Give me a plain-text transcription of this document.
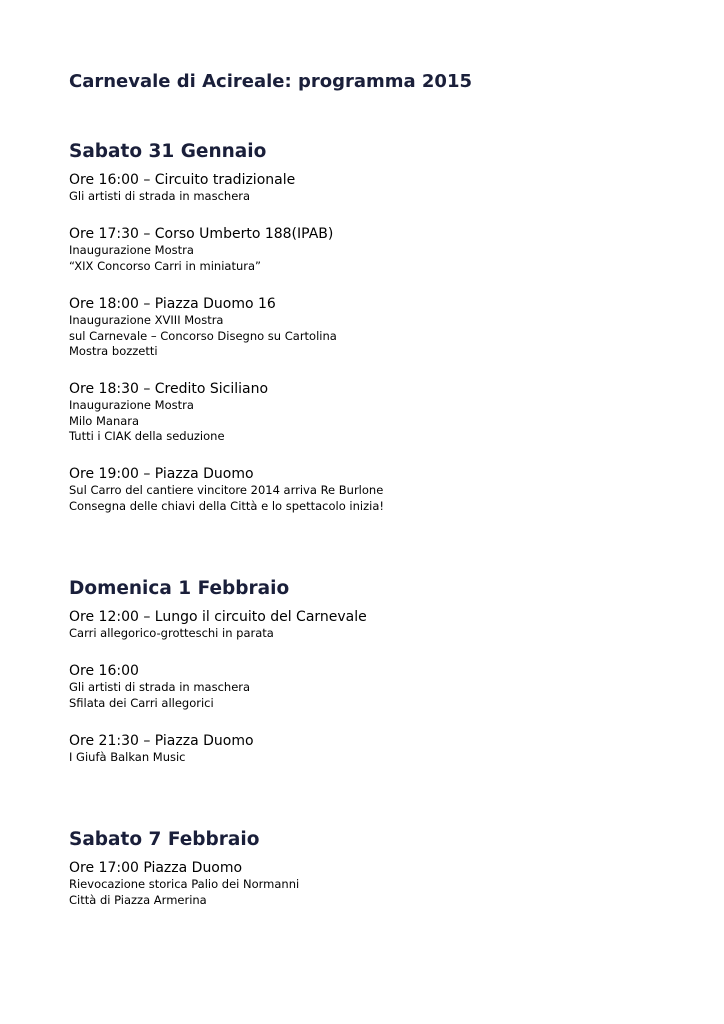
Carnevale di Acireale: programma 2015
Sabato 31 Gennaio
Ore 16:00 – Circuito tradizionale
Gli artisti di strada in maschera
Ore 17:30 – Corso Umberto 188(IPAB)
Inaugurazione Mostra
“XIX Concorso Carri in miniatura”
Ore 18:00 – Piazza Duomo 16
Inaugurazione XVIII Mostra
sul Carnevale – Concorso Disegno su Cartolina
Mostra bozzetti
Ore 18:30 – Credito Siciliano
Inaugurazione Mostra
Milo Manara
Tutti i CIAK della seduzione
Ore 19:00 – Piazza Duomo
Sul Carro del cantiere vincitore 2014 arriva Re Burlone
Consegna delle chiavi della Città e lo spettacolo inizia!
Domenica 1 Febbraio
Ore 12:00 – Lungo il circuito del Carnevale
Carri allegorico-grotteschi in parata
Ore 16:00
Gli artisti di strada in maschera
Sfilata dei Carri allegorici
Ore 21:30 – Piazza Duomo
I Giufà Balkan Music
Sabato 7 Febbraio
Ore 17:00 Piazza Duomo
Rievocazione storica Palio dei Normanni
Città di Piazza Armerina
